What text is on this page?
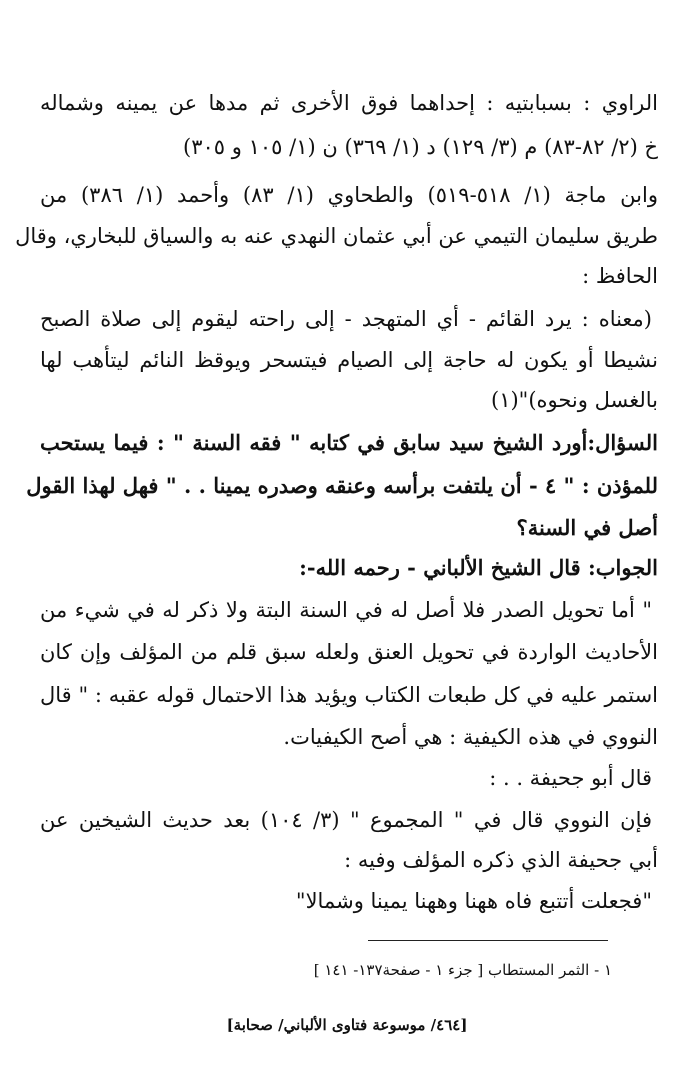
الراوي : بسبابتيه : إحداهما فوق الأخرى ثم مدها عن يمينه وشماله
خ (٢/ ٨٢-٨٣) م (٣/ ١٢٩) د (١/ ٣٦٩) ن (١/ ١٠٥ و ٣٠٥)
وابن ماجة (١/ ٥١٨-٥١٩) والطحاوي (١/ ٨٣) وأحمد (١/ ٣٨٦) من
طريق سليمان التيمي عن أبي عثمان النهدي عنه به والسياق للبخاري، وقال
الحافظ :
(معناه : يرد القائم - أي المتهجد - إلى راحته ليقوم إلى صلاة الصبح
نشيطا أو يكون له حاجة إلى الصيام فيتسحر ويوقظ النائم ليتأهب لها
بالغسل ونحوه)"(١)
السؤال:أورد الشيخ سيد سابق في كتابه " فقه السنة " : فيما يستحب
للمؤذن : " ٤ - أن يلتفت برأسه وعنقه وصدره يمينا . . " فهل لهذا القول
أصل في السنة؟
الجواب: قال الشيخ الألباني - رحمه الله-:
" أما تحويل الصدر فلا أصل له في السنة البتة ولا ذكر له في شيء من
الأحاديث الواردة في تحويل العنق ولعله سبق قلم من المؤلف وإن كان
استمر عليه في كل طبعات الكتاب ويؤيد هذا الاحتمال قوله عقبه : " قال
النووي في هذه الكيفية : هي أصح الكيفيات.
قال أبو جحيفة . . :
فإن النووي قال في " المجموع " (٣/ ١٠٤) بعد حديث الشيخين عن
أبي جحيفة الذي ذكره المؤلف وفيه :
"فجعلت أتتبع فاه ههنا وههنا يمينا وشمالا"
١ - الثمر المستطاب [ جزء ١ - صفحة١٣٧- ١٤١ ]
[٤٦٤/ موسوعة فتاوى الألباني/ صحابة]
